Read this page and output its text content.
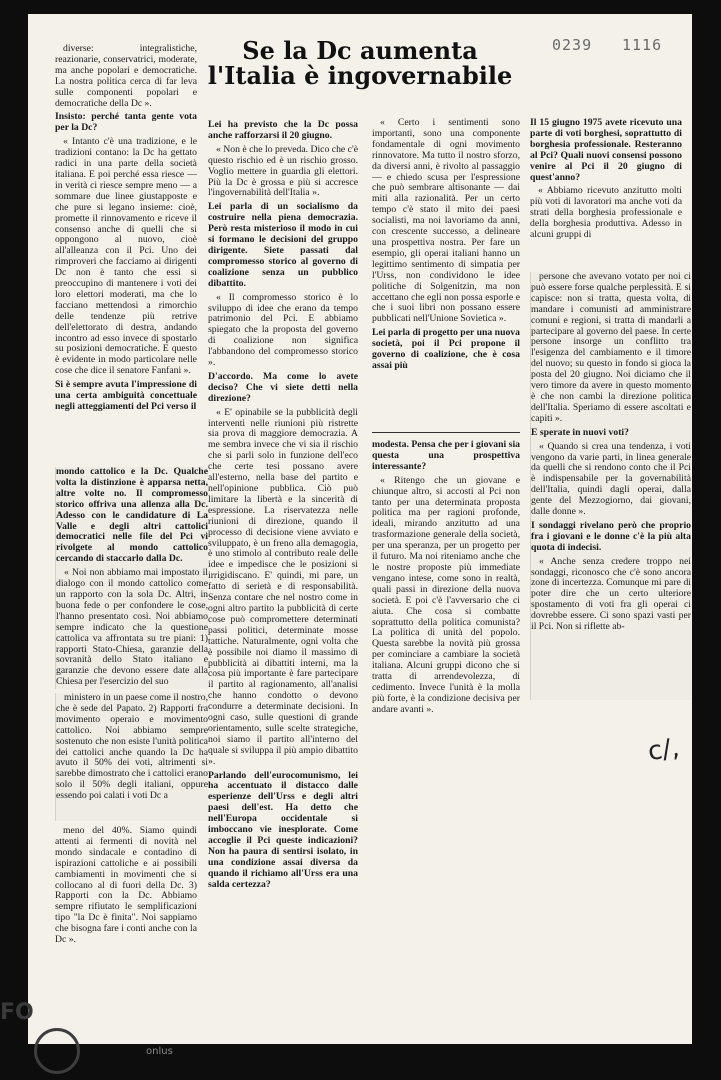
0239 1116
Se la Dc aumenta
l'Italia è ingovernabile

diverse: integralistiche, reazionarie, conservatrici, moderate, ma anche popolari e democratiche. La nostra politica cerca di far leva sulle componenti popolari e democratiche della Dc ».

Insisto: perché tanta gente vota per la Dc?

« Intanto c'è una tradizione, e le tradizioni contano: la Dc ha gettato radici in una parte della società italiana. E poi perché essa riesce — in verità ci riesce sempre meno — a sommare due linee giustapposte e che pure si legano insieme: cioè, promette il rinnovamento e riceve il consenso anche di quelli che si oppongono al nuovo, cioè all'alleanza con il Pci. Uno dei rimproveri che facciamo ai dirigenti Dc non è tanto che essi si preoccupino di mantenere i voti dei loro elettori moderati, ma che lo facciano mettendosi a rimorchio delle tendenze più retrive dell'elettorato di destra, andando incontro ad esso invece di spostarlo su posizioni democratiche. E questo è evidente in modo particolare nelle cose che dice il senatore Fanfani ».

Si è sempre avuta l'impressione di una certa ambiguità concettuale negli atteggiamenti del Pci verso il

mondo cattolico e la Dc. Qualche volta la distinzione è apparsa netta, altre volte no. Il compromesso storico offriva una allenza alla Dc. Adesso con le candidature di La Valle e degli altri cattolici democratici nelle file del Pci vi rivolgete al mondo cattolico cercando di staccarlo dalla Dc.

« Noi non abbiamo mai impostato il dialogo con il mondo cattolico come un rapporto con la sola Dc. Altri, in buona fede o per confondere le cose, l'hanno presentato così. Noi abbiamo sempre indicato che la questione cattolica va affrontata su tre piani: 1) rapporti Stato-Chiesa, garanzie della sovranità dello Stato italiano e garanzie che devono essere date alla Chiesa per l'esercizio del suo

ministero in un paese come il nostro, che è sede del Papato. 2) Rapporti fra movimento operaio e movimento cattolico. Noi abbiamo sempre sostenuto che non esiste l'unità politica dei cattolici anche quando la Dc ha avuto il 50% dei voti, altrimenti si sarebbe dimostrato che i cattolici erano solo il 50% degli italiani, oppure essendo poi calati i voti Dc a

meno del 40%. Siamo quindi attenti ai fermenti di novità nel mondo sindacale e contadino di ispirazioni cattoliche e ai possibili cambiamenti in movimenti che si collocano al di fuori della Dc. 3) Rapporti con la Dc. Abbiamo sempre rifiutato le semplificazioni tipo "la Dc è finita". Noi sappiamo che bisogna fare i conti anche con la Dc ».

Lei ha previsto che la Dc possa anche rafforzarsi il 20 giugno.

« Non è che lo preveda. Dico che c'è questo rischio ed è un rischio grosso. Voglio mettere in guardia gli elettori. Più la Dc è grossa e più si accresce l'ingovernabilità dell'Italia ».

Lei parla di un socialismo da costruire nella piena democrazia. Però resta misterioso il modo in cui si formano le decisioni del gruppo dirigente. Siete passati dal compromesso storico al governo di coalizione senza un pubblico dibattito.

« Il compromesso storico è lo sviluppo di idee che erano da tempo patrimonio del Pci. E abbiamo spiegato che la proposta del governo di coalizione non significa l'abbandono del compromesso storico ».

D'accordo. Ma come lo avete deciso? Che vi siete detti nella direzione?

« E' opinabile se la pubblicità degli interventi nelle riunioni più ristrette sia prova di maggiore democrazia. A me sembra invece che vi sia il rischio che si parli solo in funzione dell'eco che certe tesi possano avere all'esterno, nella base del partito e nell'opinione pubblica. Ciò può limitare la libertà e la sincerità di espressione. La riservatezza nelle riunioni di direzione, quando il processo di decisione viene avviato e sviluppato, è un freno alla demagogia, è uno stimolo al contributo reale delle idee e impedisce che le posizioni si irrigidiscano. E' quindi, mi pare, un fatto di serietà e di responsabilità. Senza contare che nel nostro come in ogni altro partito la pubblicità di certe cose può compromettere determinati passi politici, determinate mosse tattiche. Naturalmente, ogni volta che è possibile noi diamo il massimo di pubblicità ai dibattiti interni, ma la cosa più importante è fare partecipare il partito al ragionamento, all'analisi che hanno condotto o devono condurre a determinate decisioni. In ogni caso, sulle questioni di grande orientamento, sulle scelte strategiche, noi siamo il partito all'interno del quale si sviluppa il più ampio dibattito ».

Parlando dell'eurocomunismo, lei ha accentuato il distacco dalle esperienze dell'Urss e degli altri paesi dell'est. Ha detto che nell'Europa occidentale si imboccano vie inesplorate. Come accoglie il Pci queste indicazioni? Non ha paura di sentirsi isolato, in una condizione assai diversa da quando il richiamo all'Urss era una salda certezza?

« Certo i sentimenti sono importanti, sono una componente fondamentale di ogni movimento rinnovatore. Ma tutto il nostro sforzo, da diversi anni, è rivolto al passaggio — e chiedo scusa per l'espressione che può sembrare altisonante — dai miti alla razionalità. Per un certo tempo c'è stato il mito dei paesi socialisti, ma noi lavoriamo da anni, con crescente successo, a delineare una prospettiva nostra. Per fare un esempio, gli operai italiani hanno un legittimo sentimento di simpatia per l'Urss, non condividono le idee politiche di Solgenitzin, ma non accettano che egli non possa esporle e che i suoi libri non possano essere pubblicati nell'Unione Sovietica ».

Lei parla di progetto per una nuova società, poi il Pci propone il governo di coalizione, che è cosa assai più

modesta. Pensa che per i giovani sia questa una prospettiva interessante?

« Ritengo che un giovane e chiunque altro, si accosti al Pci non tanto per una determinata proposta politica ma per ragioni profonde, ideali, mirando anzitutto ad una trasformazione generale della società, per una speranza, per un progetto per il futuro. Ma noi riteniamo anche che le nostre proposte più immediate vengano intese, come sono in realtà, quali passi in direzione della nuova società. E poi c'è l'avversario che ci aiuta. Che cosa si combatte soprattutto della politica comunista? La politica di unità del popolo. Questa sarebbe la novità più grossa per cominciare a cambiare la società italiana. Alcuni gruppi dicono che si tratta di arrendevolezza, di cedimento. Invece l'unità è la molla più forte, è la condizione decisiva per andare avanti ».

Il 15 giugno 1975 avete ricevuto una parte di voti borghesi, soprattutto di borghesia professionale. Resteranno al Pci? Quali nuovi consensi possono venire al Pci il 20 giugno di quest'anno?

« Abbiamo ricevuto anzitutto molti più voti di lavoratori ma anche voti da strati della borghesia professionale e della borghesia produttiva. Adesso in alcuni gruppi di

persone che avevano votato per noi ci può essere forse qualche perplessità. E si capisce: non si tratta, questa volta, di mandare i comunisti ad amministrare comuni e regioni, si tratta di mandarli a partecipare al governo del paese. In certe persone insorge un conflitto tra l'esigenza del cambiamento e il timore del nuovo; su questo in fondo si gioca la posta del 20 giugno. Noi diciamo che il vero timore da avere in questo momento è che non cambi la direzione politica dell'Italia. Speriamo di essere ascoltati e capiti ».

E sperate in nuovi voti?

« Quando si crea una tendenza, i voti vengono da varie parti, in linea generale da quelli che si rendono conto che il Pci è indispensabile per la governabilità dell'Italia, quindi dagli operai, dalla gente del Mezzogiorno, dai giovani, dalle donne ».

I sondaggi rivelano però che proprio fra i giovani e le donne c'è la più alta quota di indecisi.

« Anche senza credere troppo nei sondaggi, riconosco che c'è sono ancora zone di incertezza. Comunque mi pare di poter dire che un certo ulteriore spostamento di voti fra gli operai ci dovrebbe essere. Ci sono spazi vasti per il Pci. Non si riflette ab-

c/,
FO
onlus
